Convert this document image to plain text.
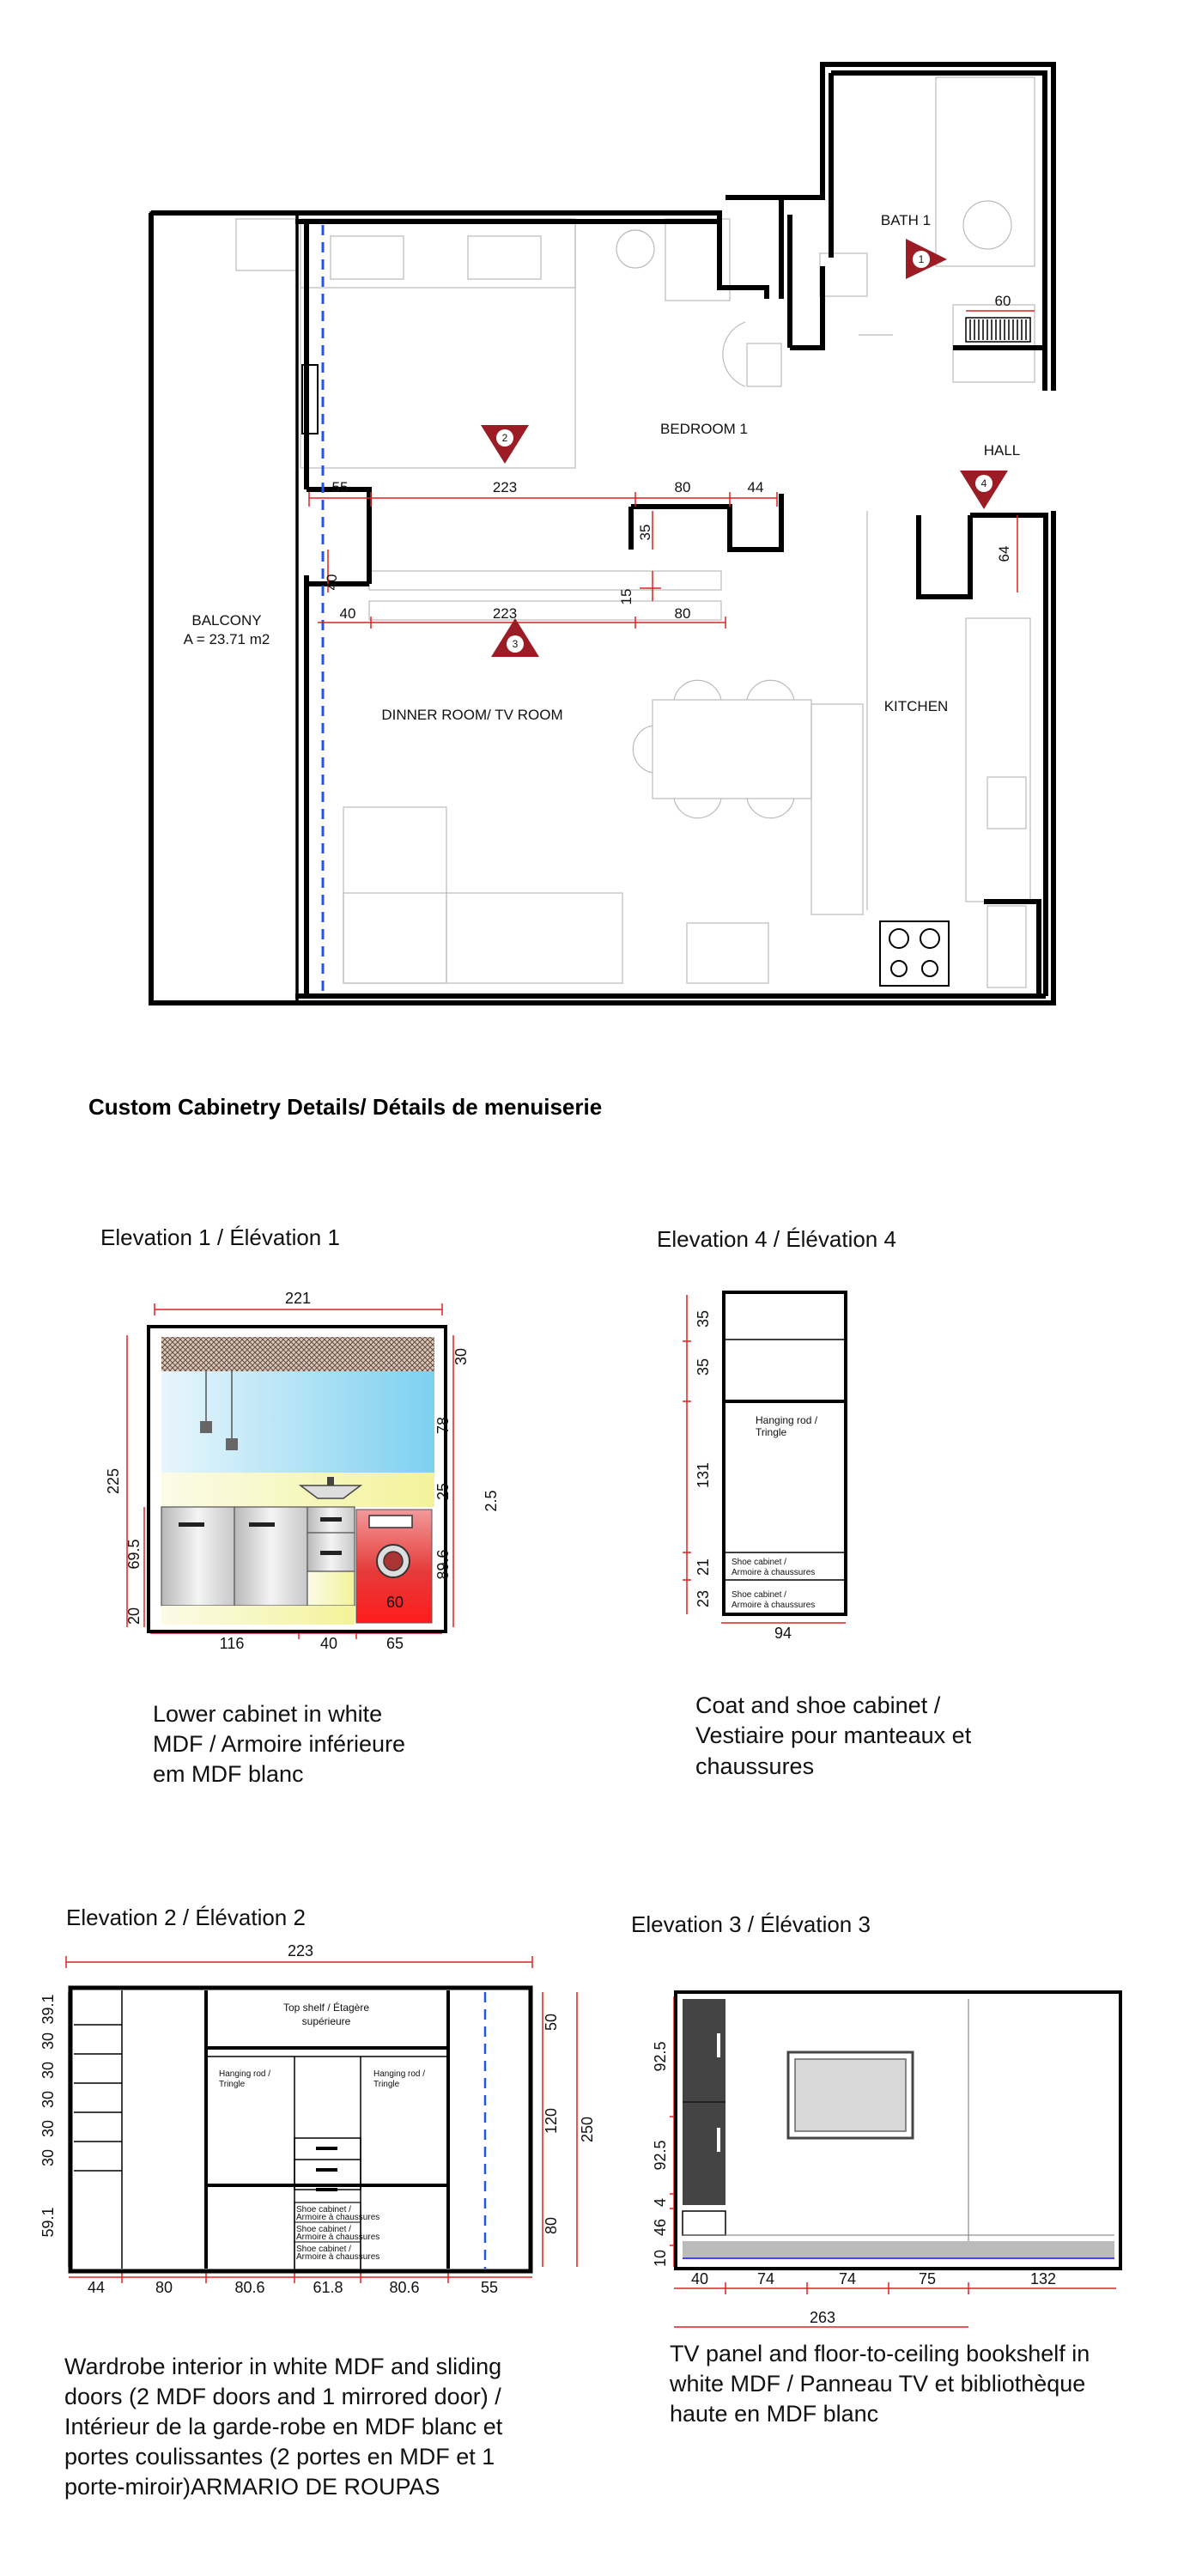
BATH 1
BEDROOM 1
HALL
BALCONY
A = 23.71 m2
DINNER ROOM/ TV ROOM
KITCHEN
1
2
3
4
60
55	223	80	44
35
64
40
15
40	223	80
Custom Cabinetry Details/ Détails de menuiserie
Elevation 1 / Élévation 1
221
225
69.5
20
30
78
25
89.6
2.5
116	40	65
60
Lower cabinet in white
MDF / Armoire inférieure
em MDF blanc
Elevation 4 / Élévation 4
Hanging rod /
Tringle
Shoe cabinet /
Armoire à chaussures
Shoe cabinet /
Armoire à chaussures
35
35
131
21
23
94
Coat and shoe cabinet /
Vestiaire pour manteaux et
chaussures
Elevation 2 / Élévation 2
Top shelf / Étagère
supérieure
Hanging rod /
Tringle
Hanging rod /
Tringle
Shoe cabinet /
Armoire à chaussures
Shoe cabinet /
Armoire à chaussures
Shoe cabinet /
Armoire à chaussures
223
39.1
30
30
30
30
30
59.1
50
120
80
250
44	80	80.6	61.8	80.6	55
Wardrobe interior in white MDF and sliding
doors (2 MDF doors and 1 mirrored door) /
Intérieur de la garde-robe en MDF blanc et
portes coulissantes (2 portes en MDF et 1
porte-miroir)ARMARIO DE ROUPAS
Elevation 3 / Élévation 3
92.5
92.5
4
46
10
40	74	74	75	132
263
TV panel and floor-to-ceiling bookshelf in
white MDF / Panneau TV et bibliothèque
haute en MDF blanc
